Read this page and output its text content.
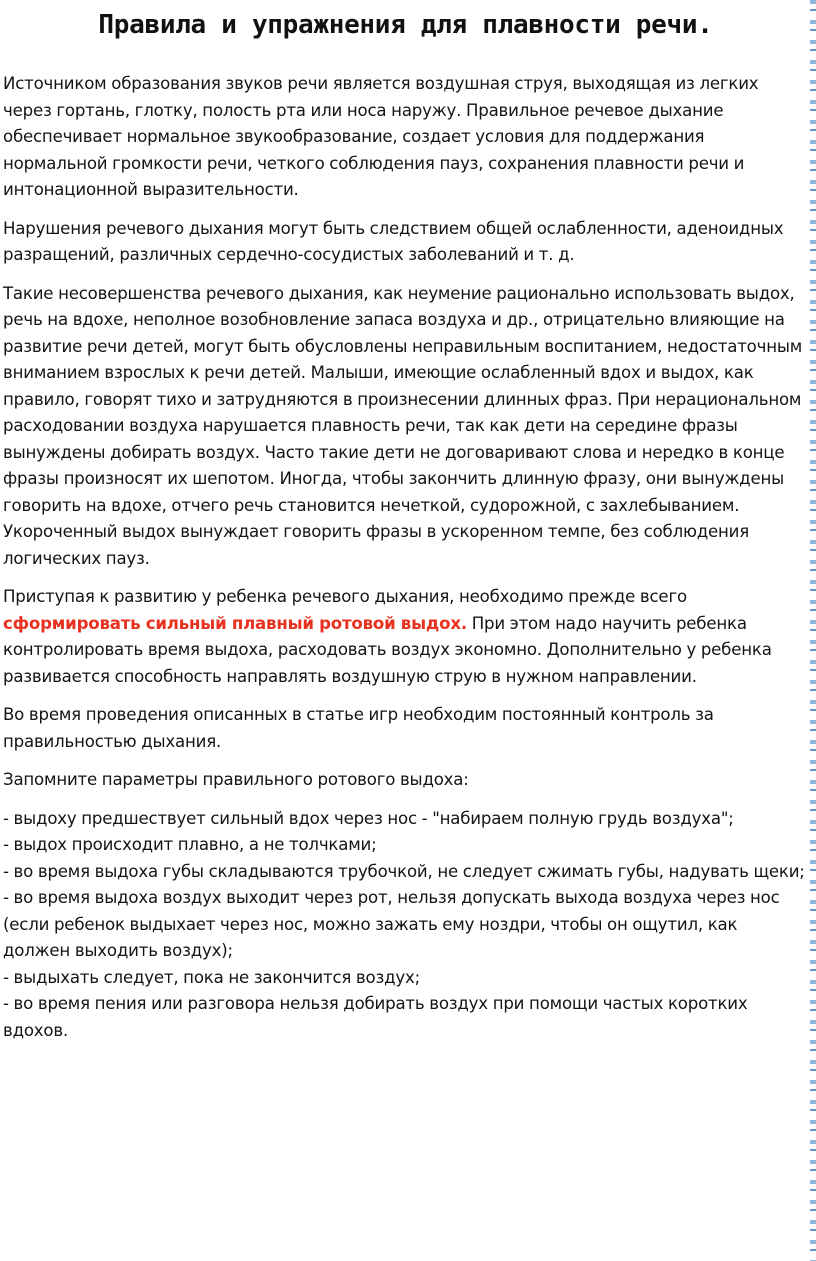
Правила и упражнения для плавности речи.

Источником образования звуков речи является воздушная струя, выходящая из легких через гортань, глотку, полость рта или носа наружу. Правильное речевое дыхание обеспечивает нормальное звукообразование, создает условия для поддержания нормальной громкости речи, четкого соблюдения пауз, сохранения плавности речи и интонационной выразительности.

Нарушения речевого дыхания могут быть следствием общей ослабленности, аденоидных разращений, различных сердечно-сосудистых заболеваний и т. д.

Такие несовершенства речевого дыхания, как неумение рационально использовать выдох, речь на вдохе, неполное возобновление запаса воздуха и др., отрицательно влияющие на развитие речи детей, могут быть обусловлены неправильным воспитанием, недостаточным вниманием взрослых к речи детей. Малыши, имеющие ослабленный вдох и выдох, как правило, говорят тихо и затрудняются в произнесении длинных фраз. При нерациональном расходовании воздуха нарушается плавность речи, так как дети на середине фразы вынуждены добирать воздух. Часто такие дети не договаривают слова и нередко в конце фразы произносят их шепотом. Иногда, чтобы закончить длинную фразу, они вынуждены говорить на вдохе, отчего речь становится нечеткой, судорожной, с захлебыванием. Укороченный выдох вынуждает говорить фразы в ускоренном темпе, без соблюдения логических пауз.

Приступая к развитию у ребенка речевого дыхания, необходимо прежде всего сформировать сильный плавный ротовой выдох. При этом надо научить ребенка контролировать время выдоха, расходовать воздух экономно. Дополнительно у ребенка развивается способность направлять воздушную струю в нужном направлении.

Во время проведения описанных в статье игр необходим постоянный контроль за правильностью дыхания.

Запомните параметры правильного ротового выдоха:

- выдоху предшествует сильный вдох через нос - "набираем полную грудь воздуха";
- выдох происходит плавно, а не толчками;
- во время выдоха губы складываются трубочкой, не следует сжимать губы, надувать щеки;
- во время выдоха воздух выходит через рот, нельзя допускать выхода воздуха через нос (если ребенок выдыхает через нос, можно зажать ему ноздри, чтобы он ощутил, как должен выходить воздух);
- выдыхать следует, пока не закончится воздух;
- во время пения или разговора нельзя добирать воздух при помощи частых коротких вдохов.
